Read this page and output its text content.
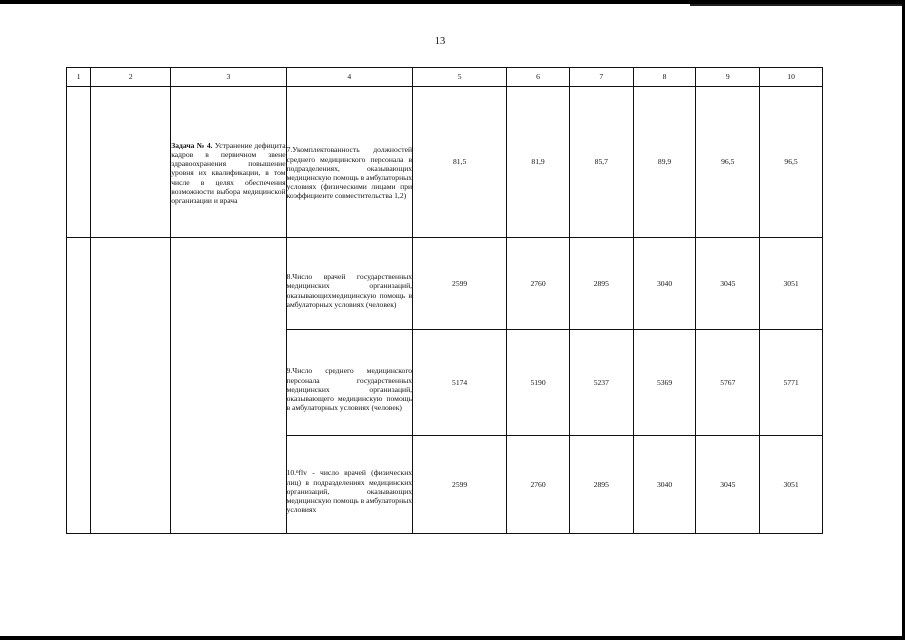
13
1	2	3	4	5	6	7	8	9	10

		Задача № 4. Устранение дефицита кадров в первичном звене здравоохранения повышение уровня их квалификации, в том числе в целях обеспечения возможности выбора медицинской организации и врача	7.Укомплектованность должностей среднего медицинского персонала в подразделениях, оказывающих медицинскую помощь в амбулаторных условиях (физическими лицами при коэффициенте совместительства 1,2)	81,5	81,9	85,7	89,9	96,5	96,5

			8.Число врачей государственных медицинских организаций, оказывающихмедицинскую помощь в амбулаторных условиях (человек)	2599	2760	2895	3040	3045	3051

			9.Число среднего медицинского персонала государственных медицинских организаций, оказывающего медицинскую помощь в амбулаторных условиях (человек)	5174	5190	5237	5369	5767	5771

			10.ⁿflv - число врачей (физических лиц) в подразделениях медицинских организаций, оказывающих медицинскую помощь в амбулаторных условиях	2599	2760	2895	3040	3045	3051
